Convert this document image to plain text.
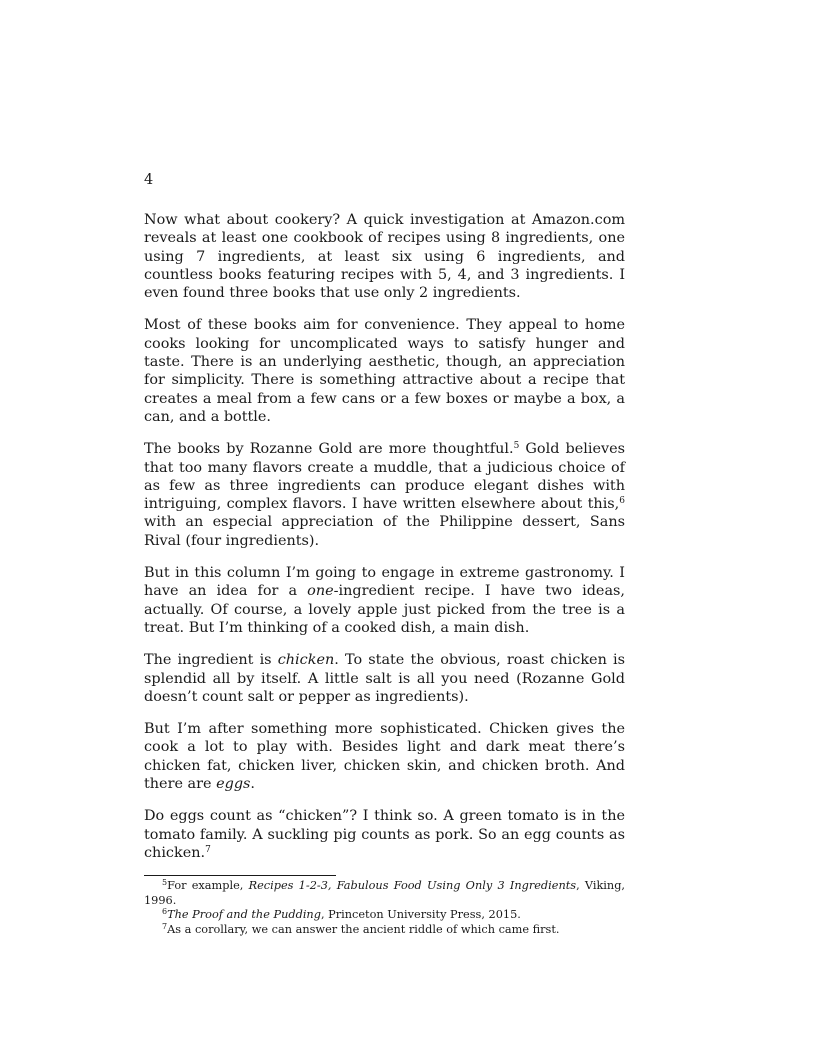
4

Now what about cookery? A quick investigation at Amazon.com reveals at least one cookbook of recipes using 8 ingredients, one using 7 ingredients, at least six using 6 ingredients, and countless books featuring recipes with 5, 4, and 3 ingredients. I even found three books that use only 2 ingredients.

Most of these books aim for convenience. They appeal to home cooks looking for uncomplicated ways to satisfy hunger and taste. There is an underlying aesthetic, though, an appreciation for simplicity. There is something attractive about a recipe that creates a meal from a few cans or a few boxes or maybe a box, a can, and a bottle.

The books by Rozanne Gold are more thoughtful.$^5$ Gold believes that too many flavors create a muddle, that a judicious choice of as few as three ingredients can produce elegant dishes with intriguing, complex flavors. I have written elsewhere about this,$^6$ with an especial appreciation of the Philippine dessert, Sans Rival (four ingredients).

But in this column I’m going to engage in extreme gastronomy. I have an idea for a one-ingredient recipe. I have two ideas, actually. Of course, a lovely apple just picked from the tree is a treat. But I’m thinking of a cooked dish, a main dish.

The ingredient is chicken. To state the obvious, roast chicken is splendid all by itself. A little salt is all you need (Rozanne Gold doesn’t count salt or pepper as ingredients).

But I’m after something more sophisticated. Chicken gives the cook a lot to play with. Besides light and dark meat there’s chicken fat, chicken liver, chicken skin, and chicken broth. And there are eggs.

Do eggs count as “chicken”? I think so. A green tomato is in the tomato family. A suckling pig counts as pork. So an egg counts as chicken.$^7$

$^5$For example, Recipes 1-2-3, Fabulous Food Using Only 3 Ingredients, Viking, 1996.

$^6$The Proof and the Pudding, Princeton University Press, 2015.

$^7$As a corollary, we can answer the ancient riddle of which came first.
